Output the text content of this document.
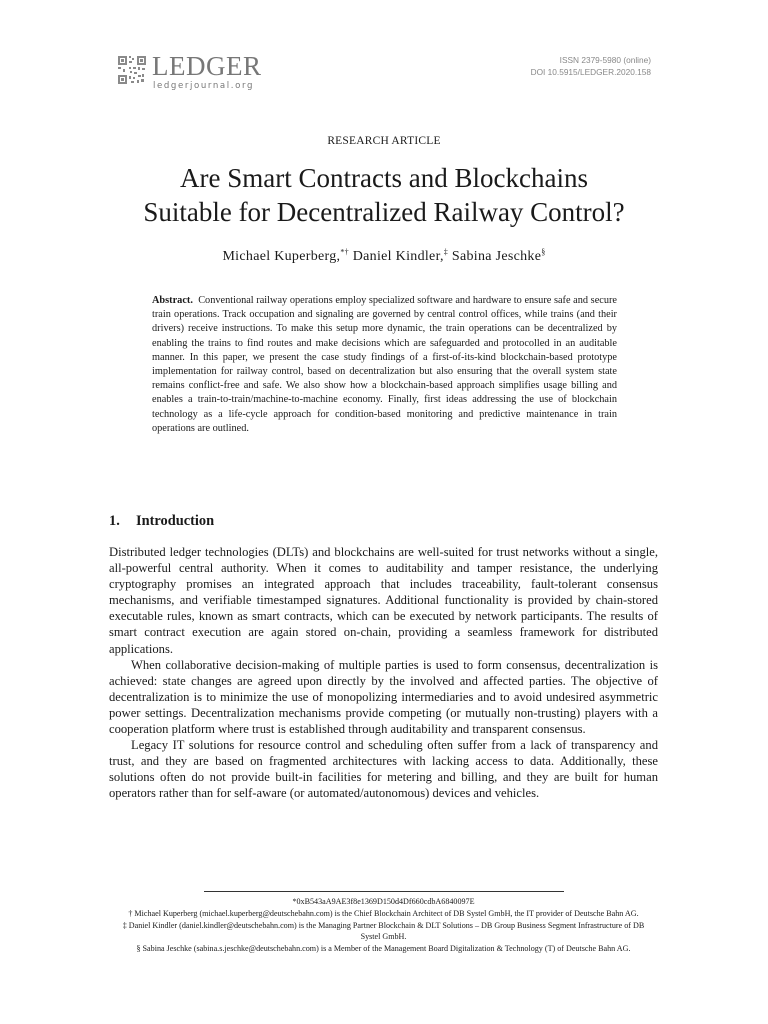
LEDGER
ledgerjournal.org
ISSN 2379-5980 (online)
DOI 10.5915/LEDGER.2020.158
RESEARCH ARTICLE
Are Smart Contracts and Blockchains
Suitable for Decentralized Railway Control?
Michael Kuperberg,*† Daniel Kindler,‡ Sabina Jeschke§
Abstract. Conventional railway operations employ specialized software and hardware to ensure safe and secure train operations. Track occupation and signaling are governed by central control offices, while trains (and their drivers) receive instructions. To make this setup more dynamic, the train operations can be decentralized by enabling the trains to find routes and make decisions which are safeguarded and protocolled in an auditable manner. In this paper, we present the case study findings of a first-of-its-kind blockchain-based prototype implementation for railway control, based on decentralization but also ensuring that the overall system state remains conflict-free and safe. We also show how a blockchain-based approach simplifies usage billing and enables a train-to-train/machine-to-machine economy. Finally, first ideas addressing the use of blockchain technology as a life-cycle approach for condition-based monitoring and predictive maintenance in train operations are outlined.
1. Introduction

Distributed ledger technologies (DLTs) and blockchains are well-suited for trust networks without a single, all-powerful central authority. When it comes to auditability and tamper resistance, the underlying cryptography promises an integrated approach that includes traceability, fault-tolerant consensus mechanisms, and verifiable timestamped signatures. Additional functionality is provided by chain-stored executable rules, known as smart contracts, which can be executed by network participants. The results of smart contract execution are again stored on-chain, providing a seamless framework for distributed applications.

When collaborative decision-making of multiple parties is used to form consensus, decentralization is achieved: state changes are agreed upon directly by the involved and affected parties. The objective of decentralization is to minimize the use of monopolizing intermediaries and to avoid undesired asymmetric power settings. Decentralization mechanisms provide competing (or mutually non-trusting) players with a cooperation platform where trust is established through auditability and transparent consensus.

Legacy IT solutions for resource control and scheduling often suffer from a lack of transparency and trust, and they are based on fragmented architectures with lacking access to data. Additionally, these solutions often do not provide built-in facilities for metering and billing, and they are built for human operators rather than for self-aware (or automated/autonomous) devices and vehicles.

*0xB543aA9AE3f8e1369D150d4Df660cdbA6840097E

† Michael Kuperberg (michael.kuperberg@deutschebahn.com) is the Chief Blockchain Architect of DB Systel GmbH, the IT provider of Deutsche Bahn AG.

‡ Daniel Kindler (daniel.kindler@deutschebahn.com) is the Managing Partner Blockchain & DLT Solutions – DB Group Business Segment Infrastructure of DB Systel GmbH.

§ Sabina Jeschke (sabina.s.jeschke@deutschebahn.com) is a Member of the Management Board Digitalization & Technology (T) of Deutsche Bahn AG.
